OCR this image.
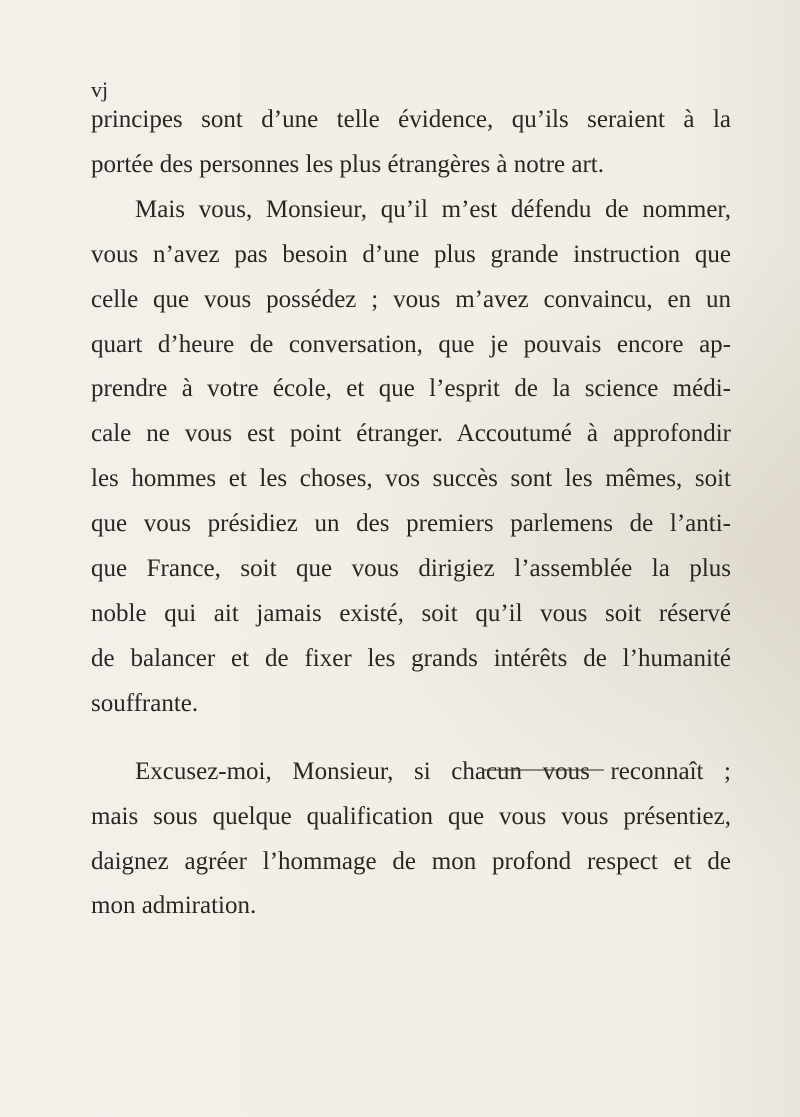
vj
principes sont d’une telle évidence, qu’ils seraient à la
portée des personnes les plus étrangères à notre art.
Mais vous, Monsieur, qu’il m’est défendu de nommer,
vous n’avez pas besoin d’une plus grande instruction que
celle que vous possédez ; vous m’avez convaincu, en un
quart d’heure de conversation, que je pouvais encore ap-
prendre à votre école, et que l’esprit de la science médi-
cale ne vous est point étranger. Accoutumé à approfondir
les hommes et les choses, vos succès sont les mêmes, soit
que vous présidiez un des premiers parlemens de l’anti-
que France, soit que vous dirigiez l’assemblée la plus
noble qui ait jamais existé, soit qu’il vous soit réservé
de balancer et de fixer les grands intérêts de l’humanité
souffrante.
Excusez-moi, Monsieur, si chacun vous reconnaît ;
mais sous quelque qualification que vous vous présentiez,
daignez agréer l’hommage de mon profond respect et de
mon admiration.
